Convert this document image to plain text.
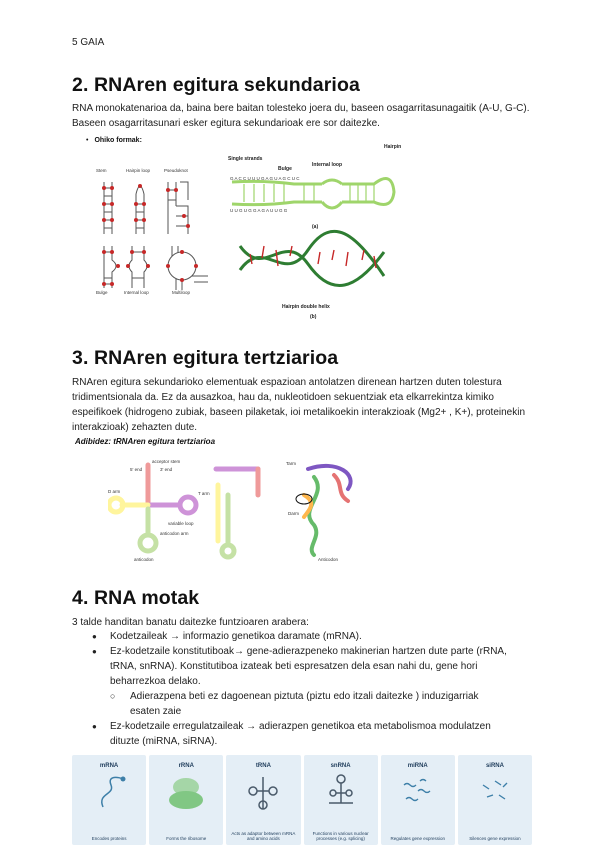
5 GAIA
2. RNAren egitura sekundarioa
RNA monokatenarioa da, baina bere baitan tolesteko joera du, baseen osagarritasunagaitik (A-U, G-C). Baseen osagarritasunari esker egitura sekundarioak ere sor daitezke.
• Ohiko formak:
Stem	Hairpin loop	Pseudoknot
Bulge	Internal loop	Multiloop
Single strands
Bulge
Internal loop
Hairpin
G A C C U U U G A G U A G C U C
U U G U G G A G A U U G G
(a)
Hairpin double helix
(b)
3. RNAren egitura tertziarioa
RNAren egitura sekundarioko elementuak espazioan antolatzen direnean hartzen duten tolestura tridimentsionala da. Ez da ausazkoa, hau da, nukleotidoen sekuentziak eta elkarrekintza kimiko espeifikoek (hidrogeno zubiak, baseen pilaketak, ioi metalikoekin interakzioak (Mg2+ , K+), proteinekin interakzioak) zehazten dute.
Adibidez: tRNAren egitura tertziarioa
acceptor stem
T arm
D arm
anticodon arm
anticodon
variable loop
3' end
5' end
Tarm
Darm
Anticodon
4. RNA motak
3 talde handitan banatu daitezke funtzioaren arabera:
● Kodetzaileak → informazio genetikoa daramate (mRNA).
● Ez-kodetzaile konstitutiboak→ gene-adierazpeneko makinerian hartzen dute parte (rRNA, tRNA, snRNA). Konstitutiboa izateak beti espresatzen dela esan nahi du, gene hori beharrezkoa delako.
○ Adierazpena beti ez dagoenean piztuta (piztu edo itzali daitezke ) induzigarriak esaten zaie
● Ez-kodetzaile erregulatzaileak → adierazpen genetikoa eta metabolismoa modulatzen dituzte (miRNA, siRNA).
mRNA
Encodes proteins
rRNA
Forms the ribosome
tRNA
Acts as adaptor between mRNA and amino acids
snRNA
Functions in various nuclear processes (e.g. splicing)
miRNA
Regulates gene expression
siRNA
Silences gene expression
